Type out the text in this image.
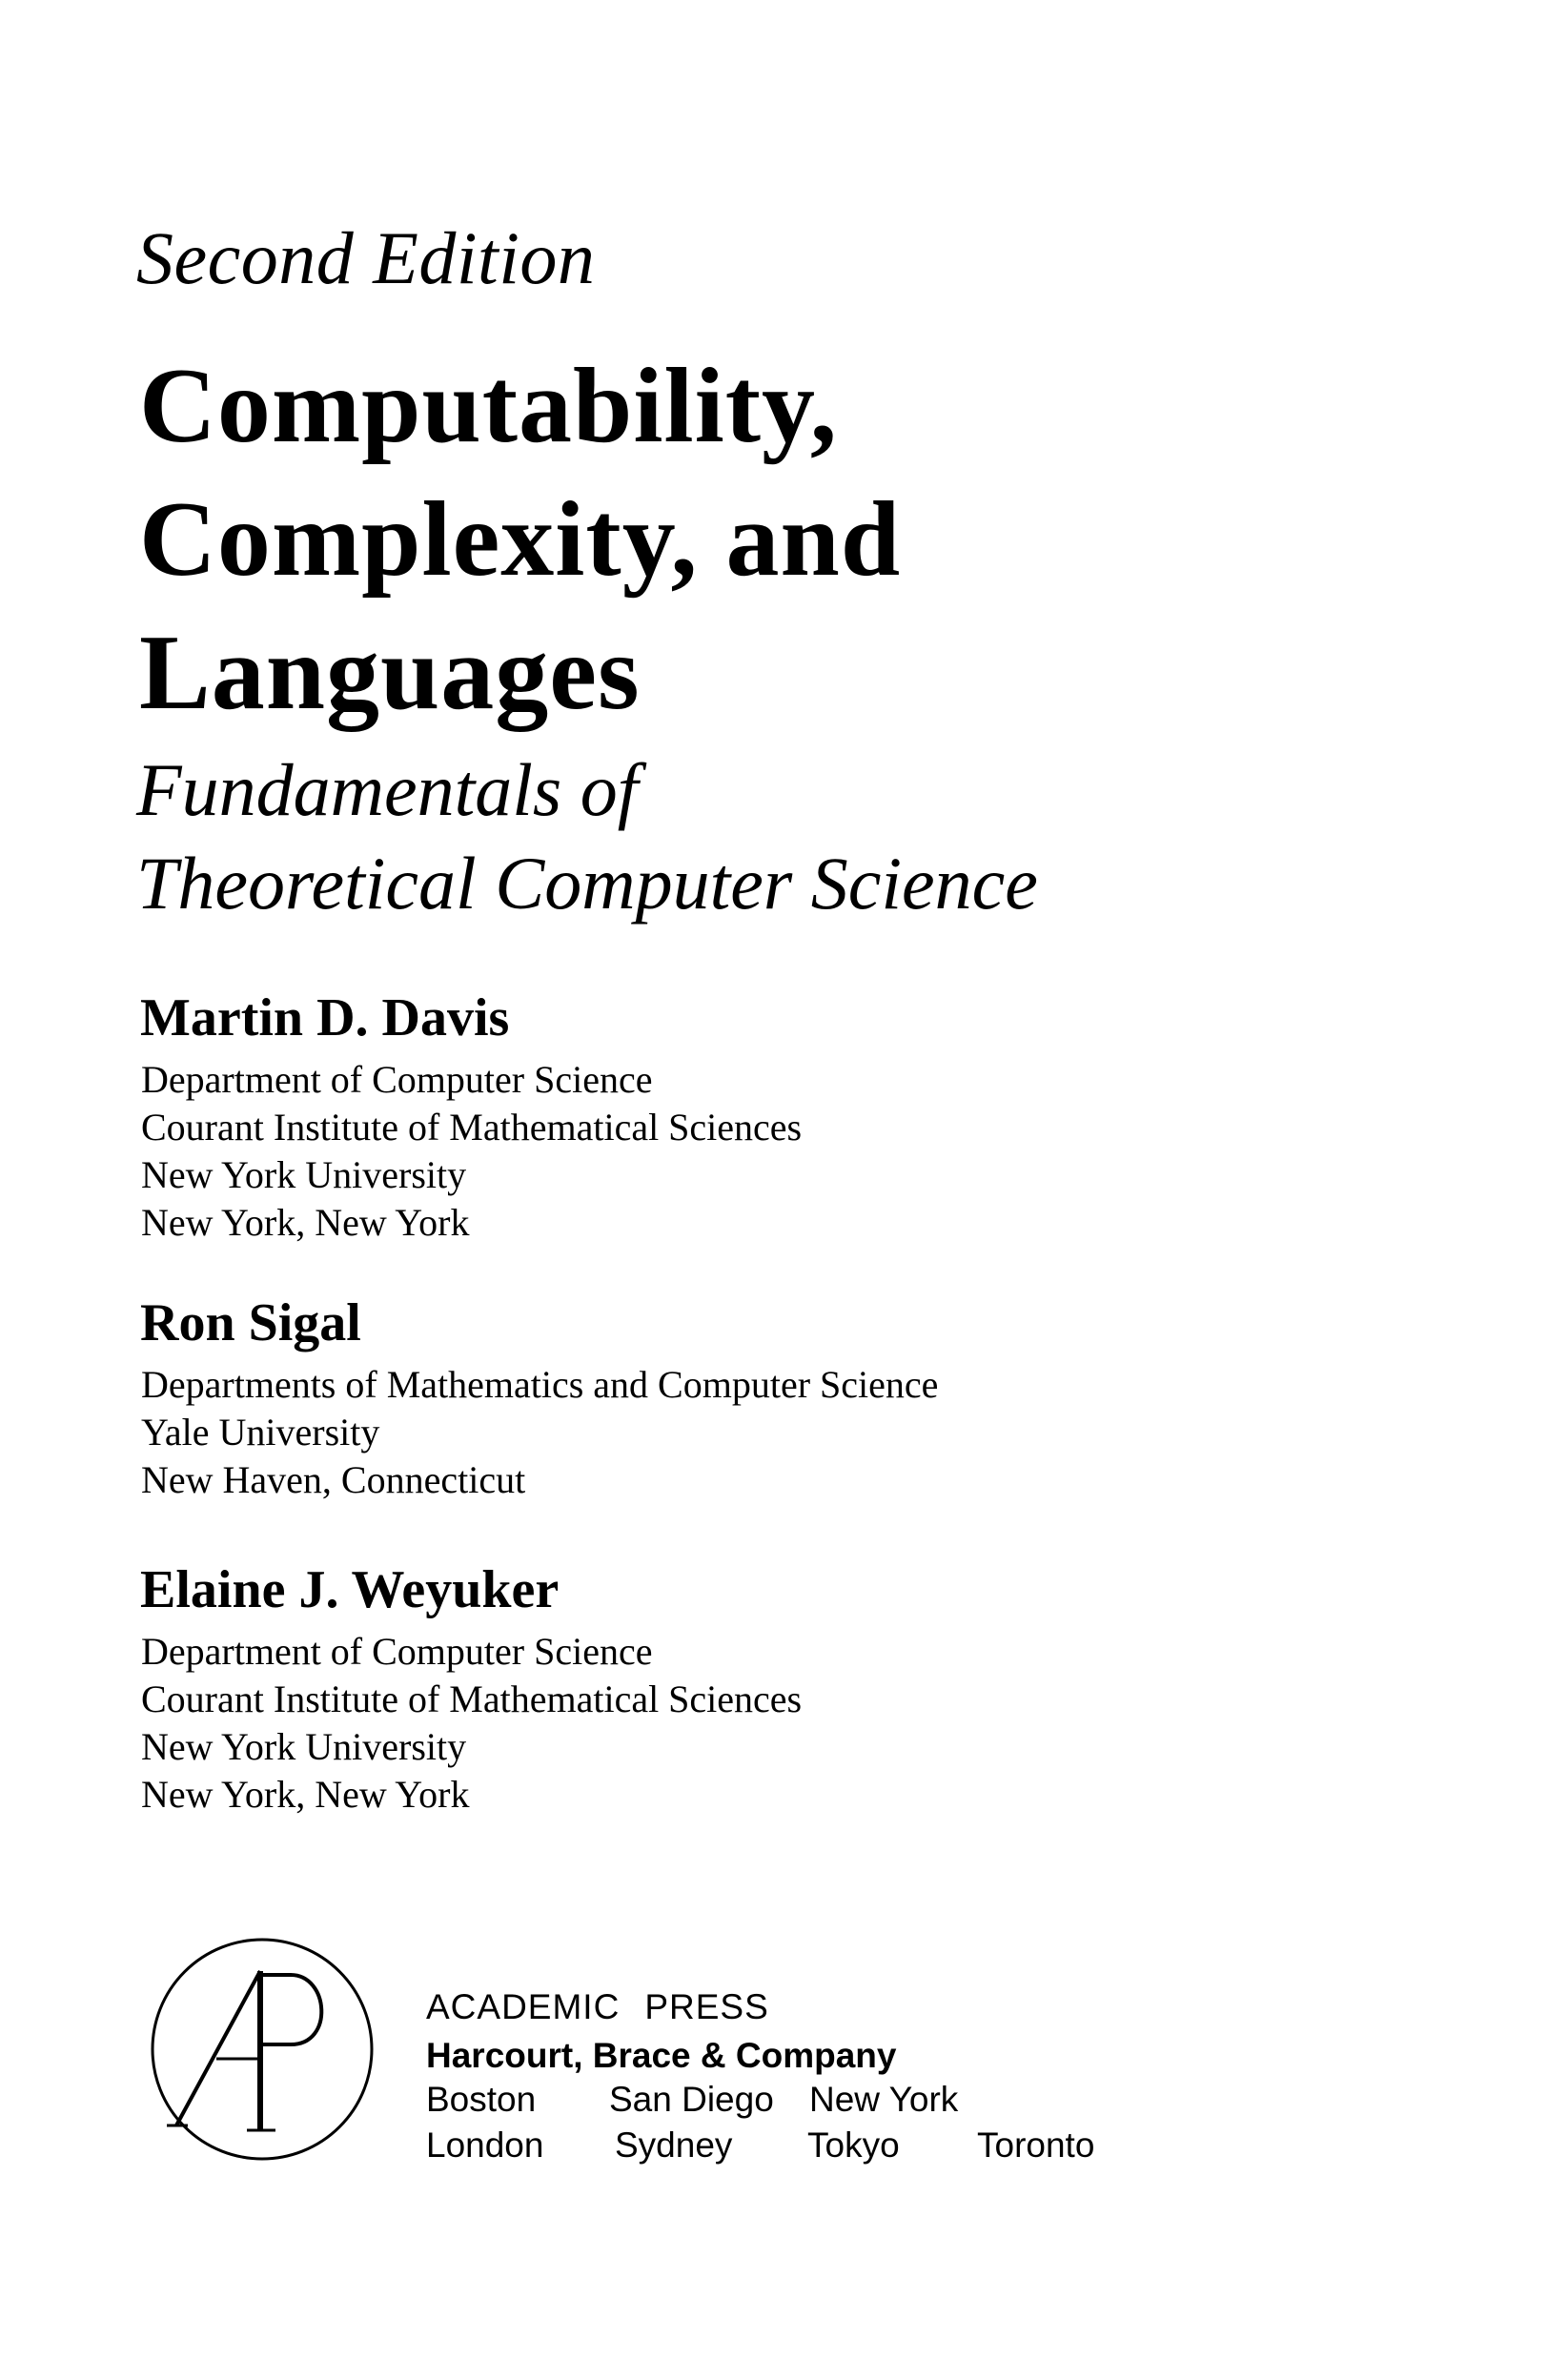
Second Edition
Computability,
Complexity, and
Languages
Fundamentals of
Theoretical Computer Science
Martin D. Davis
Department of Computer Science
Courant Institute of Mathematical Sciences
New York University
New York, New York
Ron Sigal
Departments of Mathematics and Computer Science
Yale University
New Haven, Connecticut
Elaine J. Weyuker
Department of Computer Science
Courant Institute of Mathematical Sciences
New York University
New York, New York
ACADEMIC PRESS
Harcourt, Brace & Company
Boston San Diego New York
London Sydney Tokyo Toronto
